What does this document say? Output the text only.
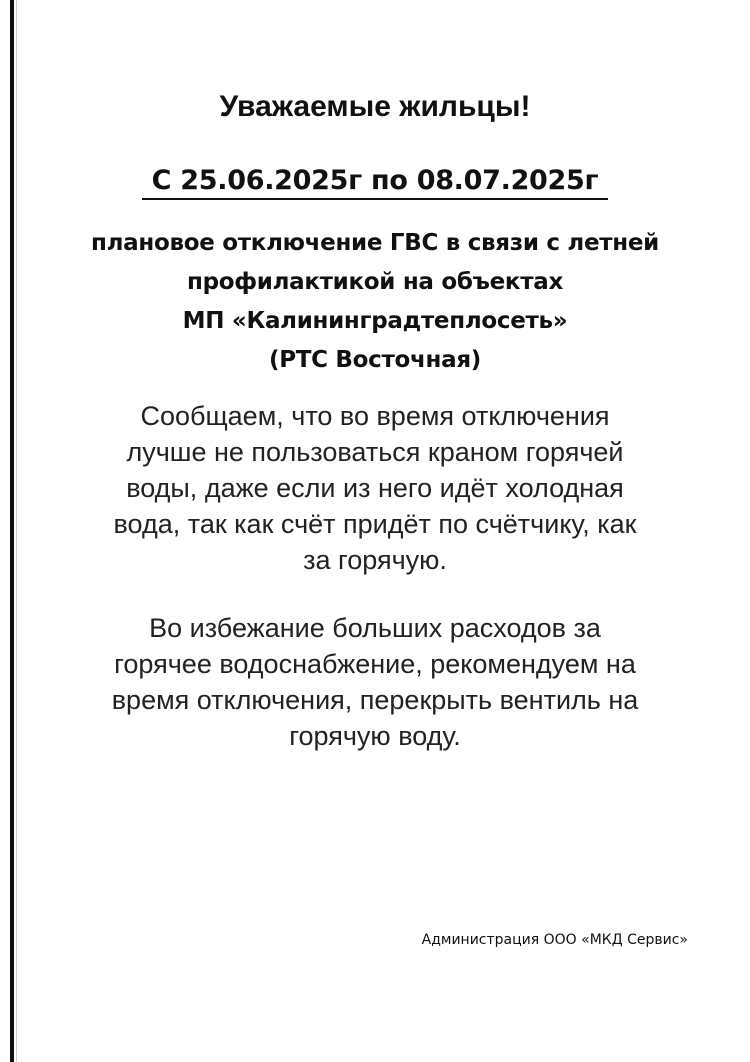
Уважаемые жильцы!
С 25.06.2025г по 08.07.2025г

плановое отключение ГВС в связи с летней
профилактикой на объектах
МП «Калининградтеплосеть»
(РТС Восточная)

Сообщаем, что во время отключения
лучше не пользоваться краном горячей
воды, даже если из него идёт холодная
вода, так как счёт придёт по счётчику, как
за горячую.

Во избежание больших расходов за
горячее водоснабжение, рекомендуем на
время отключения, перекрыть вентиль на
горячую воду.

Администрация ООО «МКД Сервис»
